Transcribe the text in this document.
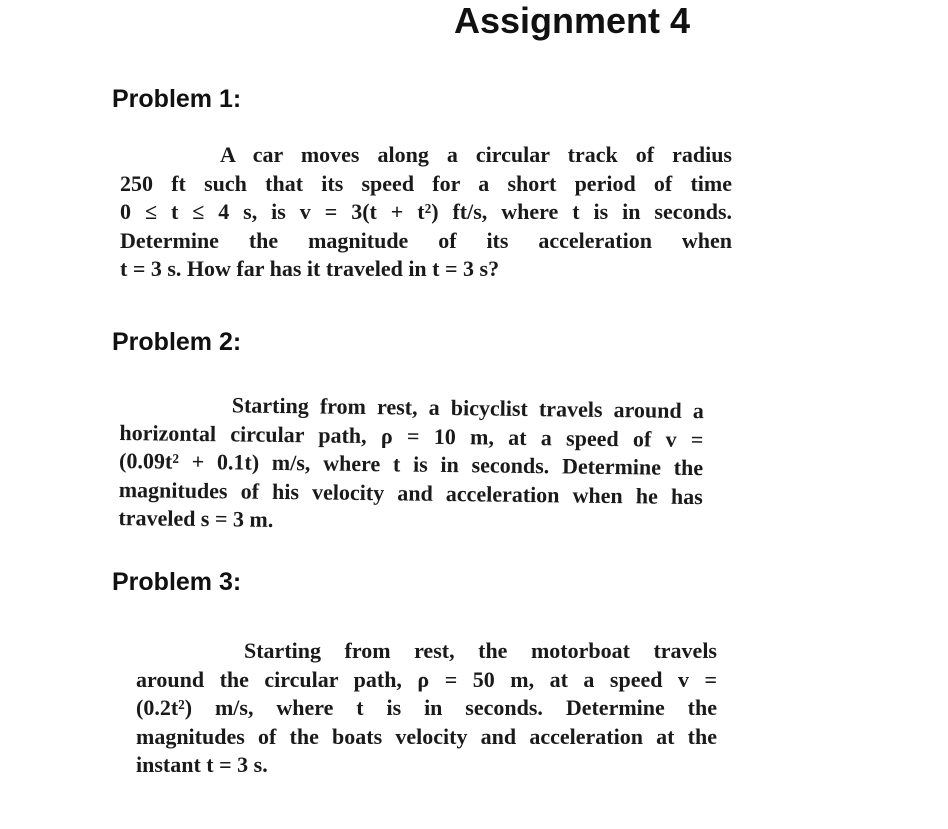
Assignment 4
Problem 1:
A car moves along a circular track of radius
250 ft such that its speed for a short period of time
0 ≤ t ≤ 4 s, is v = 3(t + t²) ft/s, where t is in seconds.
Determine the magnitude of its acceleration when
t = 3 s. How far has it traveled in t = 3 s?
Problem 2:
Starting from rest, a bicyclist travels around a
horizontal circular path, ρ = 10 m, at a speed of v =
(0.09t² + 0.1t) m/s, where t is in seconds. Determine the
magnitudes of his velocity and acceleration when he has
traveled s = 3 m.
Problem 3:
Starting from rest, the motorboat travels
around the circular path, ρ = 50 m, at a speed v =
(0.2t²) m/s, where t is in seconds. Determine the
magnitudes of the boats velocity and acceleration at the
instant t = 3 s.
